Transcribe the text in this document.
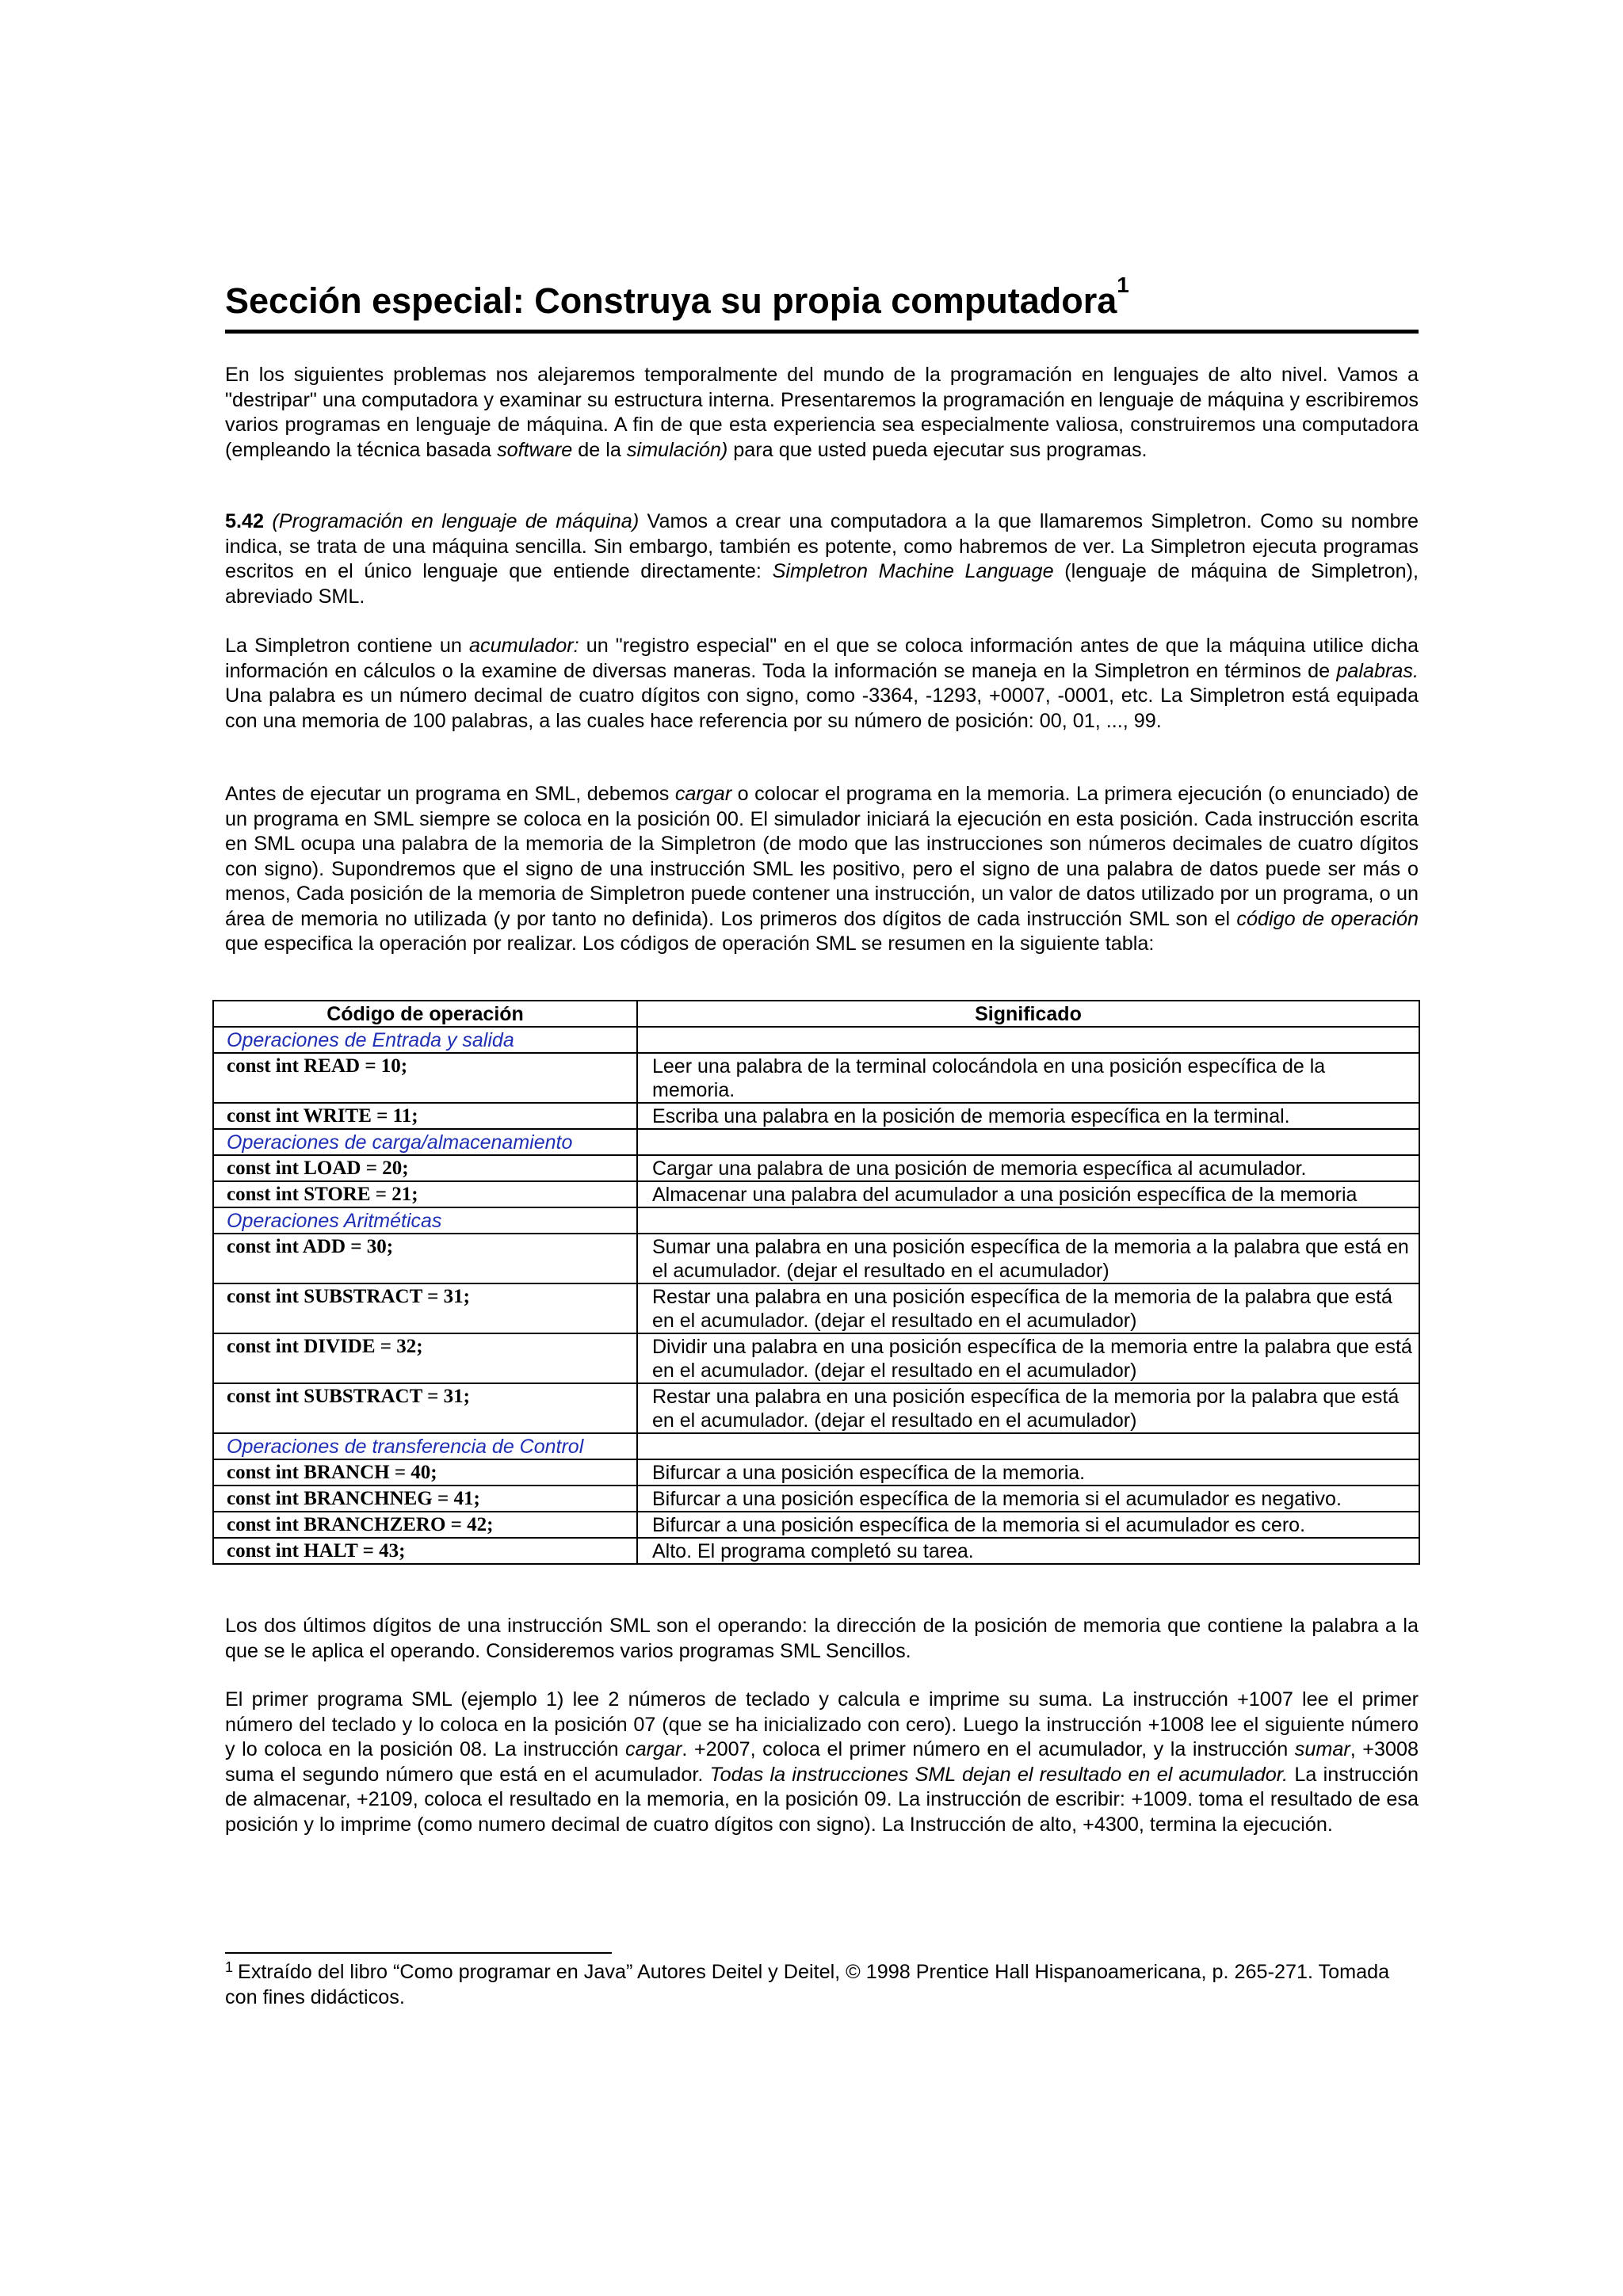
Sección especial: Construya su propia computadora$^1$

En los siguientes problemas nos alejaremos temporalmente del mundo de la programación en lenguajes de alto nivel. Vamos a "destripar" una computadora y examinar su estructura interna. Presentaremos la programación en lenguaje de máquina y escribiremos varios programas en lenguaje de máquina. A fin de que esta experiencia sea especialmente valiosa, construiremos una computadora (empleando la técnica basada software de la simulación) para que usted pueda ejecutar sus programas.

5.42 (Programación en lenguaje de máquina) Vamos a crear una computadora a la que llamaremos Simpletron. Como su nombre indica, se trata de una máquina sencilla. Sin embargo, también es potente, como habremos de ver. La Simpletron ejecuta programas escritos en el único lenguaje que entiende directamente: Simpletron Machine Language (lenguaje de máquina de Simpletron), abreviado SML.

La Simpletron contiene un acumulador: un "registro especial" en el que se coloca información antes de que la máquina utilice dicha información en cálculos o la examine de diversas maneras. Toda la información se maneja en la Simpletron en términos de palabras. Una palabra es un número decimal de cuatro dígitos con signo, como -3364, -1293, +0007, -0001, etc. La Simpletron está equipada con una memoria de 100 palabras, a las cuales hace referencia por su número de posición: 00, 01, ..., 99.

Antes de ejecutar un programa en SML, debemos cargar o colocar el programa en la memoria. La primera ejecución (o enunciado) de un programa en SML siempre se coloca en la posición 00. El simulador iniciará la ejecución en esta posición. Cada instrucción escrita en SML ocupa una palabra de la memoria de la Simpletron (de modo que las instrucciones son números decimales de cuatro dígitos con signo). Supondremos que el signo de una instrucción SML les positivo, pero el signo de una palabra de datos puede ser más o menos, Cada posición de la memoria de Simpletron puede contener una instrucción, un valor de datos utilizado por un programa, o un área de memoria no utilizada (y por tanto no definida). Los primeros dos dígitos de cada instrucción SML son el código de operación que especifica la operación por realizar. Los códigos de operación SML se resumen en la siguiente tabla:

Código de operación	Significado
Operaciones de Entrada y salida	
const int READ = 10;	Leer una palabra de la terminal colocándola en una posición específica de la memoria.
const int WRITE = 11;	Escriba una palabra en la posición de memoria específica en la terminal.
Operaciones de carga/almacenamiento	
const int LOAD = 20;	Cargar una palabra de una posición de memoria específica al acumulador.
const int STORE = 21;	Almacenar una palabra del acumulador a una posición específica de la memoria
Operaciones Aritméticas	
const int ADD = 30;	Sumar una palabra en una posición específica de la memoria a la palabra que está en el acumulador. (dejar el resultado en el acumulador)
const int SUBSTRACT = 31;	Restar una palabra en una posición específica de la memoria de la palabra que está en el acumulador. (dejar el resultado en el acumulador)
const int DIVIDE = 32;	Dividir una palabra en una posición específica de la memoria entre la palabra que está en el acumulador. (dejar el resultado en el acumulador)
const int SUBSTRACT = 31;	Restar una palabra en una posición específica de la memoria por la palabra que está en el acumulador. (dejar el resultado en el acumulador)
Operaciones de transferencia de Control	
const int BRANCH = 40;	Bifurcar a una posición específica de la memoria.
const int BRANCHNEG = 41;	Bifurcar a una posición específica de la memoria si el acumulador es negativo.
const int BRANCHZERO = 42;	Bifurcar a una posición específica de la memoria si el acumulador es cero.
const int HALT = 43;	Alto. El programa completó su tarea.

Los dos últimos dígitos de una instrucción SML son el operando: la dirección de la posición de memoria que contiene la palabra a la que se le aplica el operando. Consideremos varios programas SML Sencillos.

El primer programa SML (ejemplo 1) lee 2 números de teclado y calcula e imprime su suma. La instrucción +1007 lee el primer número del teclado y lo coloca en la posición 07 (que se ha inicializado con cero). Luego la instrucción +1008 lee el siguiente número y lo coloca en la posición 08. La instrucción cargar. +2007, coloca el primer número en el acumulador, y la instrucción sumar, +3008 suma el segundo número que está en el acumulador. Todas la instrucciones SML dejan el resultado en el acumulador. La instrucción de almacenar, +2109, coloca el resultado en la memoria, en la posición 09. La instrucción de escribir: +1009. toma el resultado de esa posición y lo imprime (como numero decimal de cuatro dígitos con signo). La Instrucción de alto, +4300, termina la ejecución.

$^1$ Extraído del libro “Como programar en Java” Autores Deitel y Deitel, © 1998 Prentice Hall Hispanoamericana, p. 265-271. Tomada con fines didácticos.
